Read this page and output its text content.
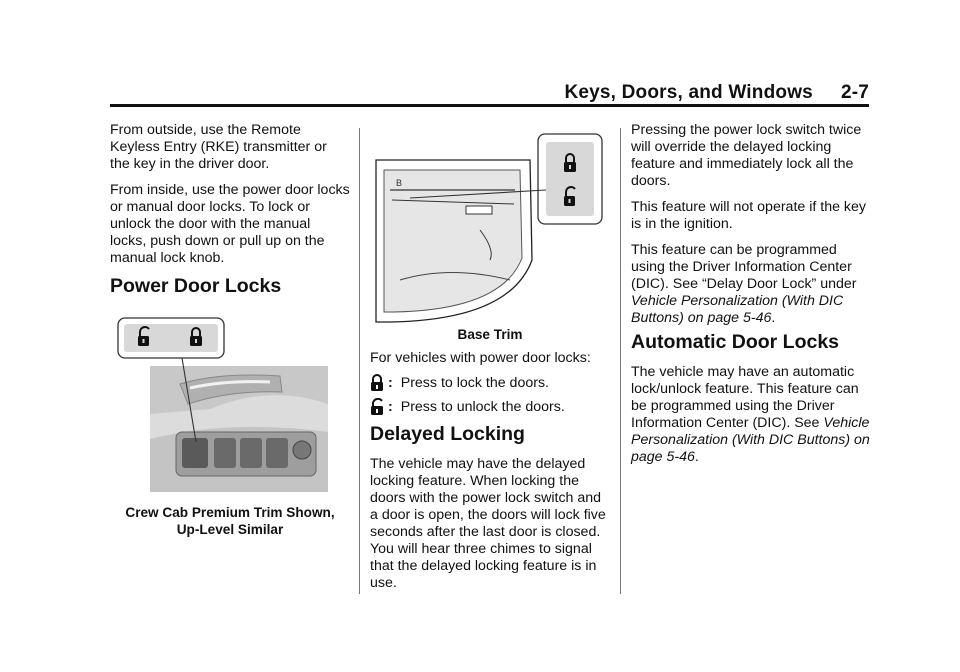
Keys, Doors, and Windows 2-7

From outside, use the Remote Keyless Entry (RKE) transmitter or the key in the driver door.

From inside, use the power door locks or manual door locks. To lock or unlock the door with the manual locks, push down or pull up on the manual lock knob.

Power Door Locks
Crew Cab Premium Trim Shown,
Up-Level Similar
B
Base Trim

For vehicles with power door locks:

: Press to lock the doors.
: Press to unlock the doors.
Delayed Locking

The vehicle may have the delayed locking feature. When locking the doors with the power lock switch and a door is open, the doors will lock five seconds after the last door is closed. You will hear three chimes to signal that the delayed locking feature is in use.

Pressing the power lock switch twice will override the delayed locking feature and immediately lock all the doors.

This feature will not operate if the key is in the ignition.

This feature can be programmed using the Driver Information Center (DIC). See “Delay Door Lock” under Vehicle Personalization (With DIC Buttons) on page 5-46.

Automatic Door Locks

The vehicle may have an automatic lock/unlock feature. This feature can be programmed using the Driver Information Center (DIC). See Vehicle Personalization (With DIC Buttons) on page 5-46.
